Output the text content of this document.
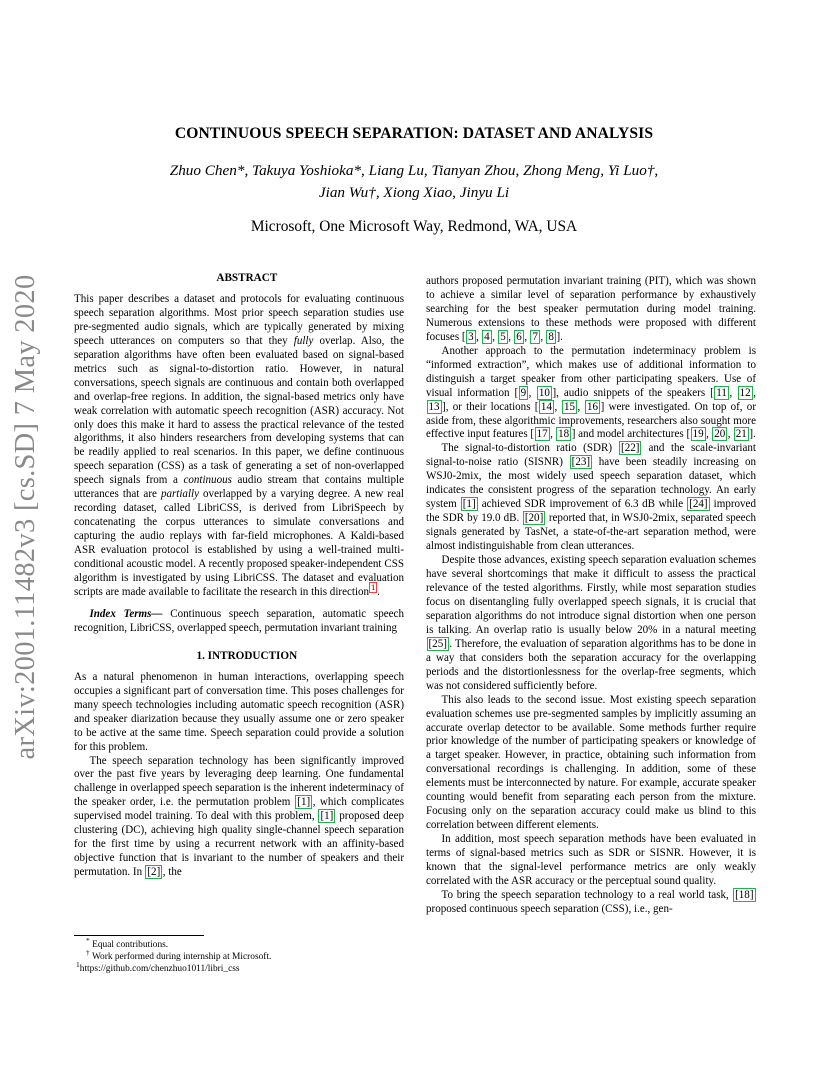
arXiv:2001.11482v3 [cs.SD] 7 May 2020
CONTINUOUS SPEECH SEPARATION: DATASET AND ANALYSIS
Zhuo Chen*, Takuya Yoshioka*, Liang Lu, Tianyan Zhou, Zhong Meng, Yi Luo†,
Jian Wu†, Xiong Xiao, Jinyu Li
Microsoft, One Microsoft Way, Redmond, WA, USA

ABSTRACT

This paper describes a dataset and protocols for evaluating continuous speech separation algorithms. Most prior speech separation studies use pre-segmented audio signals, which are typically generated by mixing speech utterances on computers so that they fully overlap. Also, the separation algorithms have often been evaluated based on signal-based metrics such as signal-to-distortion ratio. However, in natural conversations, speech signals are continuous and contain both overlapped and overlap-free regions. In addition, the signal-based metrics only have weak correlation with automatic speech recognition (ASR) accuracy. Not only does this make it hard to assess the practical relevance of the tested algorithms, it also hinders researchers from developing systems that can be readily applied to real scenarios. In this paper, we define continuous speech separation (CSS) as a task of generating a set of non-overlapped speech signals from a continuous audio stream that contains multiple utterances that are partially overlapped by a varying degree. A new real recording dataset, called LibriCSS, is derived from LibriSpeech by concatenating the corpus utterances to simulate conversations and capturing the audio replays with far-field microphones. A Kaldi-based ASR evaluation protocol is established by using a well-trained multi-conditional acoustic model. A recently proposed speaker-independent CSS algorithm is investigated by using LibriCSS. The dataset and evaluation scripts are made available to facilitate the research in this direction $^1$ .

Index Terms— Continuous speech separation, automatic speech recognition, LibriCSS, overlapped speech, permutation invariant training

1. INTRODUCTION

As a natural phenomenon in human interactions, overlapping speech occupies a significant part of conversation time. This poses challenges for many speech technologies including automatic speech recognition (ASR) and speaker diarization because they usually assume one or zero speaker to be active at the same time. Speech separation could provide a solution for this problem.

The speech separation technology has been significantly improved over the past five years by leveraging deep learning. One fundamental challenge in overlapped speech separation is the inherent indeterminacy of the speaker order, i.e. the permutation problem [1] , which complicates supervised model training. To deal with this problem, [1] proposed deep clustering (DC), achieving high quality single-channel speech separation for the first time by using a recurrent network with an affinity-based objective function that is invariant to the number of speakers and their permutation. In [2] , the

* Equal contributions.
† Work performed during internship at Microsoft.
$^1$https://github.com/chenzhuo1011/libri_css

authors proposed permutation invariant training (PIT), which was shown to achieve a similar level of separation performance by exhaustively searching for the best speaker permutation during model training. Numerous extensions to these methods were proposed with different focuses [ 3 , 4 , 5 , 6 , 7 , 8 ].

Another approach to the permutation indeterminacy problem is “informed extraction”, which makes use of additional information to distinguish a target speaker from other participating speakers. Use of visual information [ 9 , 10 ], audio snippets of the speakers [ 11 , 12 , 13 ], or their locations [ 14 , 15 , 16 ] were investigated. On top of, or aside from, these algorithmic improvements, researchers also sought more effective input features [ 17 , 18 ] and model architectures [ 19 , 20 , 21 ].

The signal-to-distortion ratio (SDR) [22] and the scale-invariant signal-to-noise ratio (SISNR) [23] have been steadily increasing on WSJ0-2mix, the most widely used speech separation dataset, which indicates the consistent progress of the separation technology. An early system [1] achieved SDR improvement of 6.3 dB while [24] improved the SDR by 19.0 dB. [20] reported that, in WSJ0-2mix, separated speech signals generated by TasNet, a state-of-the-art separation method, were almost indistinguishable from clean utterances.

Despite those advances, existing speech separation evaluation schemes have several shortcomings that make it difficult to assess the practical relevance of the tested algorithms. Firstly, while most separation studies focus on disentangling fully overlapped speech signals, it is crucial that separation algorithms do not introduce signal distortion when one person is talking. An overlap ratio is usually below 20% in a natural meeting [25] . Therefore, the evaluation of separation algorithms has to be done in a way that considers both the separation accuracy for the overlapping periods and the distortionlessness for the overlap-free segments, which was not considered sufficiently before.

This also leads to the second issue. Most existing speech separation evaluation schemes use pre-segmented samples by implicitly assuming an accurate overlap detector to be available. Some methods further require prior knowledge of the number of participating speakers or knowledge of a target speaker. However, in practice, obtaining such information from conversational recordings is challenging. In addition, some of these elements must be interconnected by nature. For example, accurate speaker counting would benefit from separating each person from the mixture. Focusing only on the separation accuracy could make us blind to this correlation between different elements.

In addition, most speech separation methods have been evaluated in terms of signal-based metrics such as SDR or SISNR. However, it is known that the signal-level performance metrics are only weakly correlated with the ASR accuracy or the perceptual sound quality.

To bring the speech separation technology to a real world task, [18] proposed continuous speech separation (CSS), i.e., gen-
